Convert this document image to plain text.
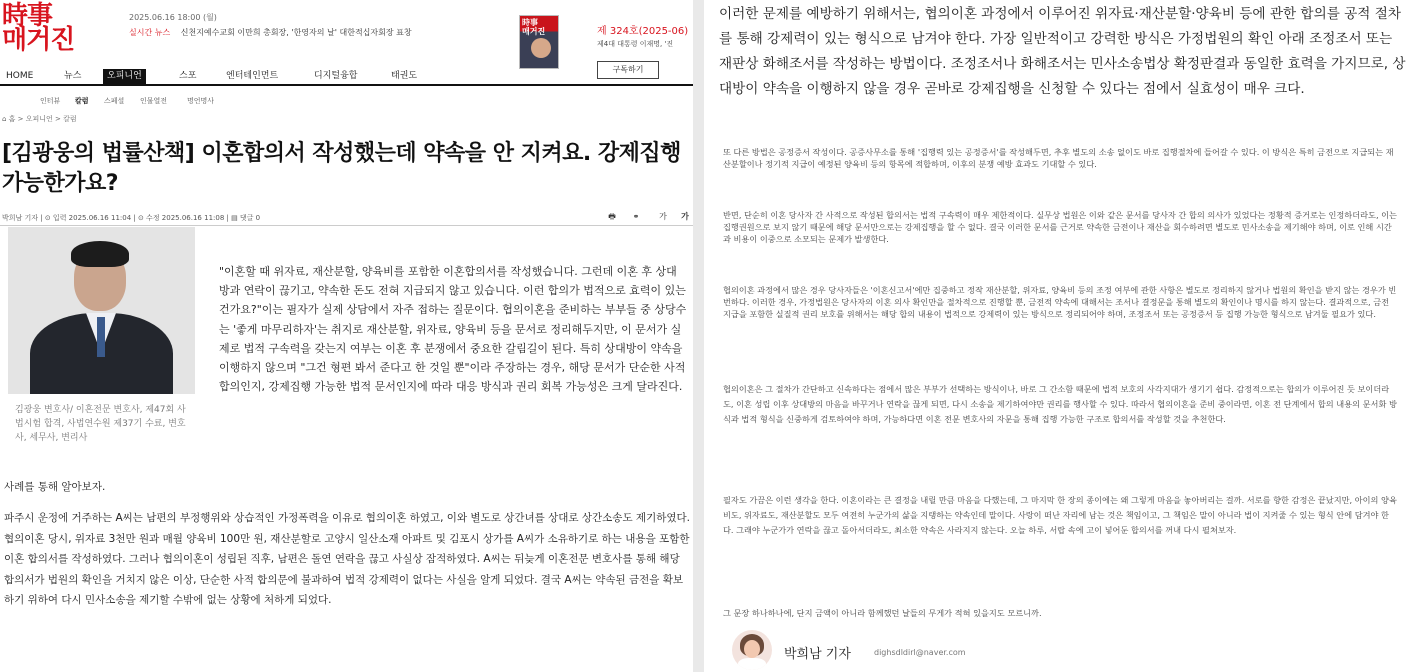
時事
매거진
2025.06.16 18:00 (월)
실시간 뉴스 신천지예수교회 이만희 총회장, '한영자의 날' 대한적십자회장 표창
時事
매거진	제 324호(2025-06)
제4대 대통령 이재명, '진
구독하기
HOME	뉴스	오피니언	스포	엔터테인먼트	디지털융합	태권도
인터뷰 칼럼 스페셜 인물열전	명언명사
⌂ 홈 > 오피니언 > 칼럼
[김광웅의 법률산책] 이혼합의서 작성했는데 약속을 안 지켜요. 강제집행 가능한가요?
박희남 기자 | ⊙ 입력 2025.06.16 11:04 | ⊙ 수정 2025.06.16 11:08 | ▤ 댓글 0	🖶	⚭	가	가
김광웅 변호사/ 이혼전문 변호사, 제47회 사법시험 합격, 사법연수원 제37기 수료, 변호사, 세무사, 변리사
"이혼할 때 위자료, 재산분할, 양육비를 포함한 이혼합의서를 작성했습니다. 그런데 이혼 후 상대방과 연락이 끊기고, 약속한 돈도 전혀 지급되지 않고 있습니다. 이런 합의가 법적으로 효력이 있는 건가요?"이는 필자가 실제 상담에서 자주 접하는 질문이다. 협의이혼을 준비하는 부부들 중 상당수는 '좋게 마무리하자'는 취지로 재산분할, 위자료, 양육비 등을 문서로 정리해두지만, 이 문서가 실제로 법적 구속력을 갖는지 여부는 이혼 후 분쟁에서 중요한 갈림길이 된다. 특히 상대방이 약속을 이행하지 않으며 "그건 형편 봐서 준다고 한 것일 뿐"이라 주장하는 경우, 해당 문서가 단순한 사적 합의인지, 강제집행 가능한 법적 문서인지에 따라 대응 방식과 권리 회복 가능성은 크게 달라진다.
사례를 통해 알아보자.
파주시 운정에 거주하는 A씨는 남편의 부정행위와 상습적인 가정폭력을 이유로 협의이혼 하였고, 이와 별도로 상간녀를 상대로 상간소송도 제기하였다. 협의이혼 당시, 위자료 3천만 원과 매월 양육비 100만 원, 재산분할로 고양시 일산소재 아파트 및 김포시 상가를 A씨가 소유하기로 하는 내용을 포함한 이혼 합의서를 작성하였다. 그러나 협의이혼이 성립된 직후, 남편은 돌연 연락을 끊고 사실상 잠적하였다. A씨는 뒤늦게 이혼전문 변호사를 통해 해당 합의서가 법원의 확인을 거치지 않은 이상, 단순한 사적 합의문에 불과하여 법적 강제력이 없다는 사실을 알게 되었다. 결국 A씨는 약속된 금전을 확보하기 위하여 다시 민사소송을 제기할 수밖에 없는 상황에 처하게 되었다.
이러한 문제를 예방하기 위해서는, 협의이혼 과정에서 이루어진 위자료·재산분할·양육비 등에 관한 합의를 공적 절차를 통해 강제력이 있는 형식으로 남겨야 한다. 가장 일반적이고 강력한 방식은 가정법원의 확인 아래 조정조서 또는 재판상 화해조서를 작성하는 방법이다. 조정조서나 화해조서는 민사소송법상 확정판결과 동일한 효력을 가지므로, 상대방이 약속을 이행하지 않을 경우 곧바로 강제집행을 신청할 수 있다는 점에서 실효성이 매우 크다.
또 다른 방법은 공정증서 작성이다. 공증사무소를 통해 '집행력 있는 공정증서'를 작성해두면, 추후 별도의 소송 없이도 바로 집행절차에 들어갈 수 있다. 이 방식은 특히 금전으로 지급되는 재산분할이나 정기적 지급이 예정된 양육비 등의 항목에 적합하며, 이후의 분쟁 예방 효과도 기대할 수 있다.
반면, 단순히 이혼 당사자 간 사적으로 작성된 합의서는 법적 구속력이 매우 제한적이다. 실무상 법원은 이와 같은 문서를 당사자 간 합의 의사가 있었다는 정황적 증거로는 인정하더라도, 이는 집행권원으로 보지 않기 때문에 해당 문서만으로는 강제집행을 할 수 없다. 결국 이러한 문서를 근거로 약속한 금전이나 재산을 회수하려면 별도로 민사소송을 제기해야 하며, 이로 인해 시간과 비용이 이중으로 소모되는 문제가 발생한다.
협의이혼 과정에서 많은 경우 당사자들은 '이혼신고서'에만 집중하고 정작 재산분할, 위자료, 양육비 등의 조정 여부에 관한 사항은 별도로 정리하지 않거나 법원의 확인을 받지 않는 경우가 빈번하다. 이러한 경우, 가정법원은 당사자의 이혼 의사 확인만을 절차적으로 진행할 뿐, 금전적 약속에 대해서는 조서나 결정문을 통해 별도의 확인이나 명시를 하지 않는다. 결과적으로, 금전 지급을 포함한 실질적 권리 보호를 위해서는 해당 합의 내용이 법적으로 강제력이 있는 방식으로 정리되어야 하며, 조정조서 또는 공정증서 등 집행 가능한 형식으로 남겨둘 필요가 있다.
협의이혼은 그 절차가 간단하고 신속하다는 점에서 많은 부부가 선택하는 방식이나, 바로 그 간소함 때문에 법적 보호의 사각지대가 생기기 쉽다. 감정적으로는 합의가 이루어진 듯 보이더라도, 이혼 성립 이후 상대방의 마음을 바꾸거나 연락을 끊게 되면, 다시 소송을 제기하여야만 권리를 행사할 수 있다. 따라서 협의이혼을 준비 중이라면, 이혼 전 단계에서 합의 내용의 문서화 방식과 법적 형식을 신중하게 검토하여야 하며, 가능하다면 이혼 전문 변호사의 자문을 통해 집행 가능한 구조로 합의서를 작성할 것을 추천한다.
필자도 가끔은 이런 생각을 한다. 이혼이라는 큰 결정을 내릴 만큼 마음을 다했는데, 그 마지막 한 장의 종이에는 왜 그렇게 마음을 놓아버리는 걸까. 서로를 향한 감정은 끝났지만, 아이의 양육비도, 위자료도, 재산분할도 모두 여전히 누군가의 삶을 지탱하는 약속인데 말이다. 사랑이 떠난 자리에 남는 것은 책임이고, 그 책임은 말이 아니라 법이 지켜줄 수 있는 형식 안에 담겨야 한다. 그래야 누군가가 연락을 끊고 돌아서더라도, 최소한 약속은 사라지지 않는다. 오늘 하루, 서랍 속에 고이 넣어둔 합의서를 꺼내 다시 펼쳐보자.
그 문장 하나하나에, 단지 금액이 아니라 함께했던 날들의 무게가 적혀 있을지도 모르니까.
박희남 기자	dighsdldirl@naver.com
